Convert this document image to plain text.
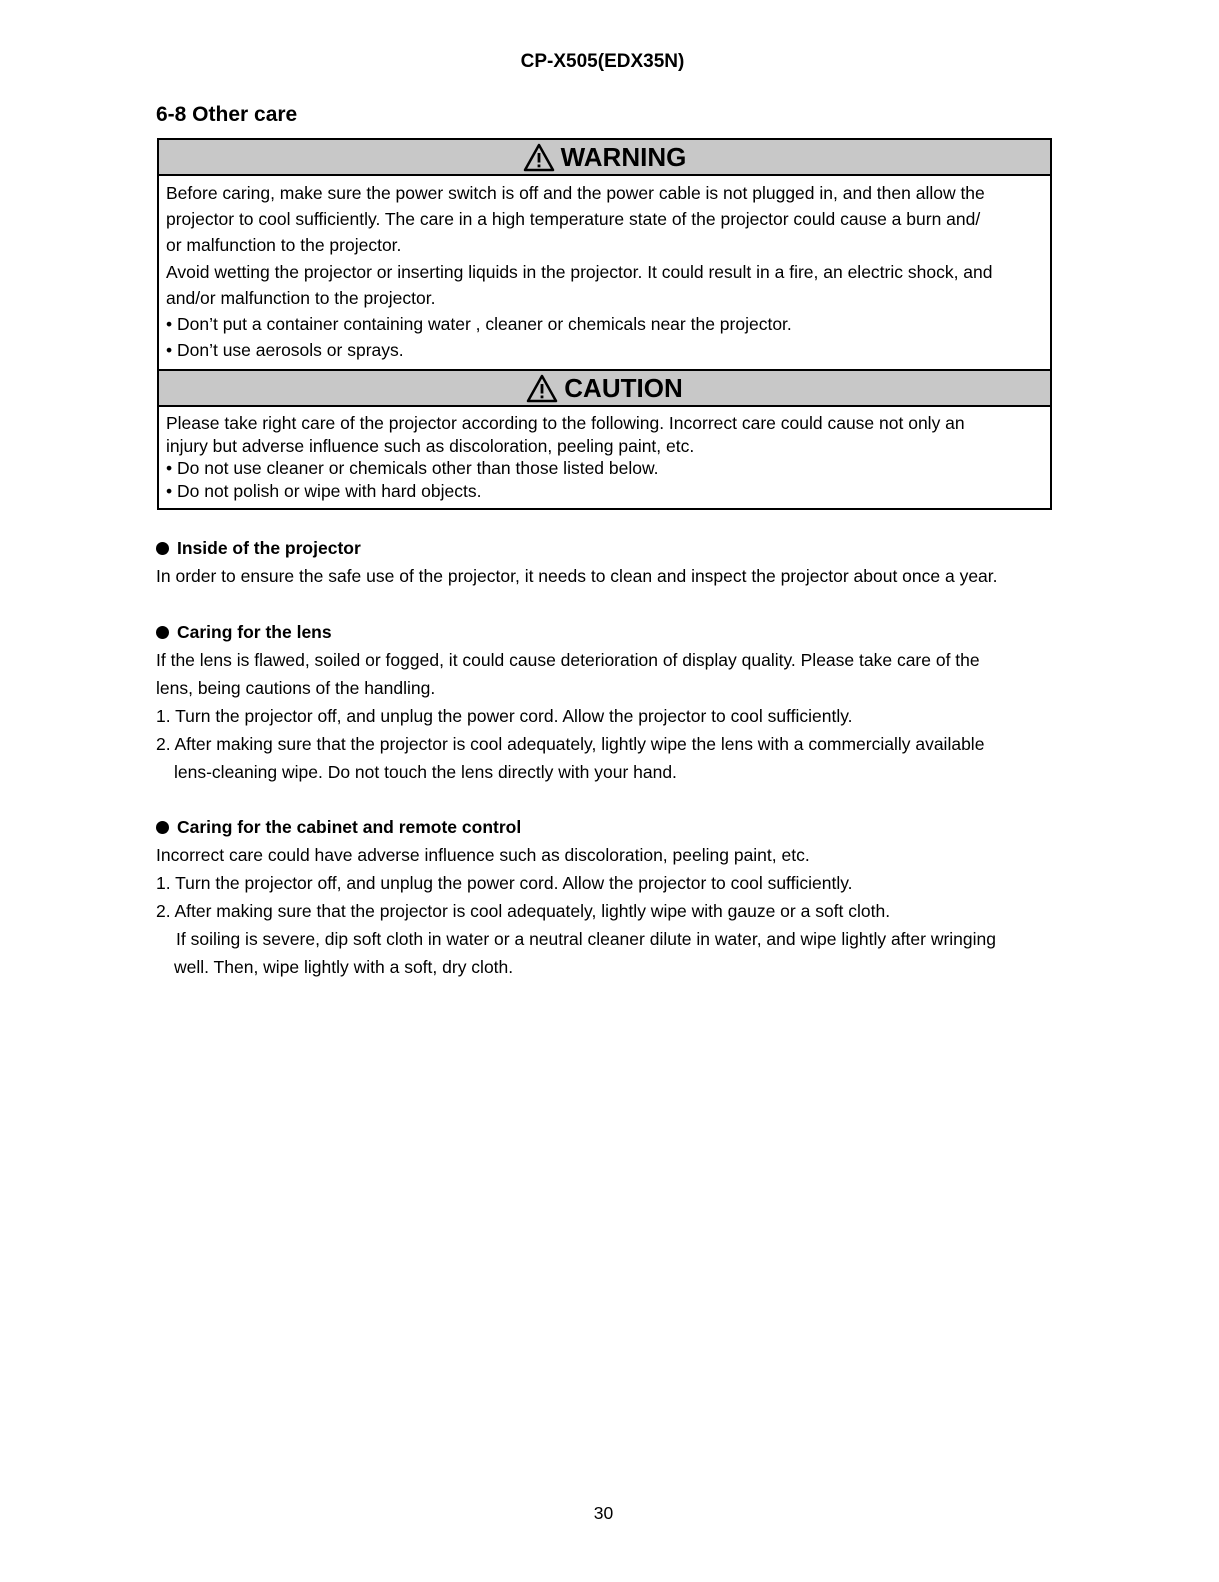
CP-X505(EDX35N)
6-8 Other care
WARNING

Before caring, make sure the power switch is off and the power cable is not plugged in, and then allow the

projector to cool sufficiently. The care in a high temperature state of the projector could cause a burn and/

or malfunction to the projector.

Avoid wetting the projector or inserting liquids in the projector. It could result in a fire, an electric shock, and

and/or malfunction to the projector.

• Don’t put a container containing water , cleaner or chemicals near the projector.

• Don’t use aerosols or sprays.

CAUTION

Please take right care of the projector according to the following. Incorrect care could cause not only an

injury but adverse influence such as discoloration, peeling paint, etc.

• Do not use cleaner or chemicals other than those listed below.

• Do not polish or wipe with hard objects.

Inside of the projector

In order to ensure the safe use of the projector, it needs to clean and inspect the projector about once a year.

Caring for the lens

If the lens is flawed, soiled or fogged, it could cause deterioration of display quality. Please take care of the

lens, being cautions of the handling.

1. Turn the projector off, and unplug the power cord. Allow the projector to cool sufficiently.

2. After making sure that the projector is cool adequately, lightly wipe the lens with a commercially available

lens-cleaning wipe. Do not touch the lens directly with your hand.

Caring for the cabinet and remote control

Incorrect care could have adverse influence such as discoloration, peeling paint, etc.

1. Turn the projector off, and unplug the power cord. Allow the projector to cool sufficiently.

2. After making sure that the projector is cool adequately, lightly wipe with gauze or a soft cloth.

If soiling is severe, dip soft cloth in water or a neutral cleaner dilute in water, and wipe lightly after wringing

well. Then, wipe lightly with a soft, dry cloth.

30
